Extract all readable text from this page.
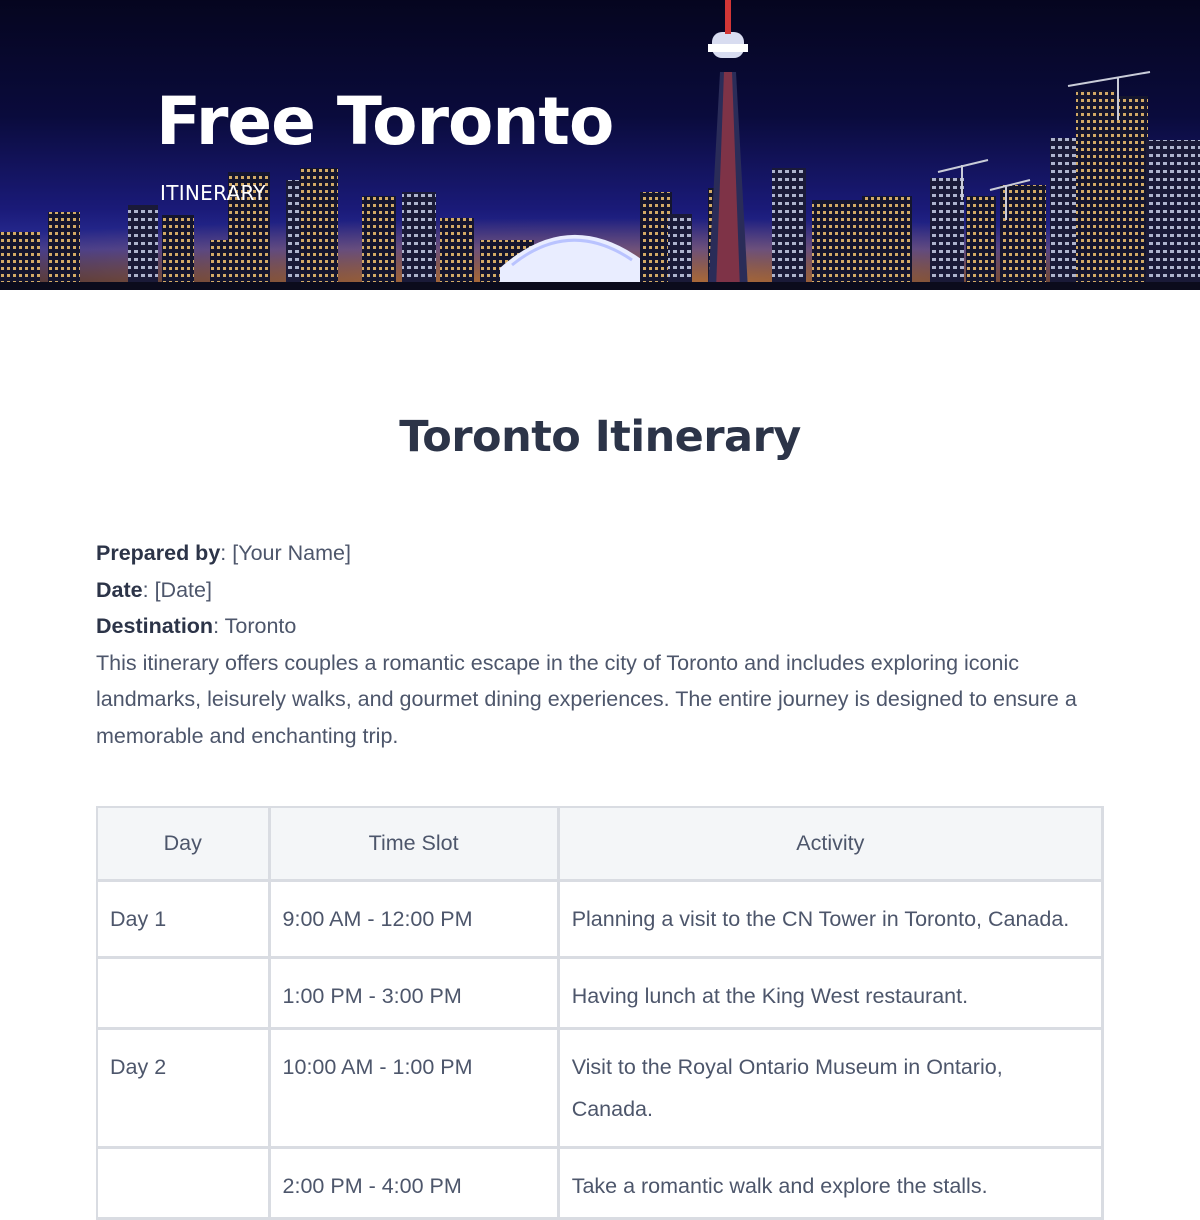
Free Toronto

ITINERARY

Toronto Itinerary
Prepared by: [Your Name]
Date: [Date]
Destination: Toronto

This itinerary offers couples a romantic escape in the city of Toronto and includes exploring iconic landmarks, leisurely walks, and gourmet dining experiences. The entire journey is designed to ensure a memorable and enchanting trip.

Day	Time Slot	Activity

Day 1	9:00 AM - 12:00 PM	Planning a visit to the CN Tower in Toronto, Canada.

	1:00 PM - 3:00 PM	Having lunch at the King West restaurant.

Day 2	10:00 AM - 1:00 PM	Visit to the Royal Ontario Museum in Ontario, Canada.

	2:00 PM - 4:00 PM	Take a romantic walk and explore the stalls.
